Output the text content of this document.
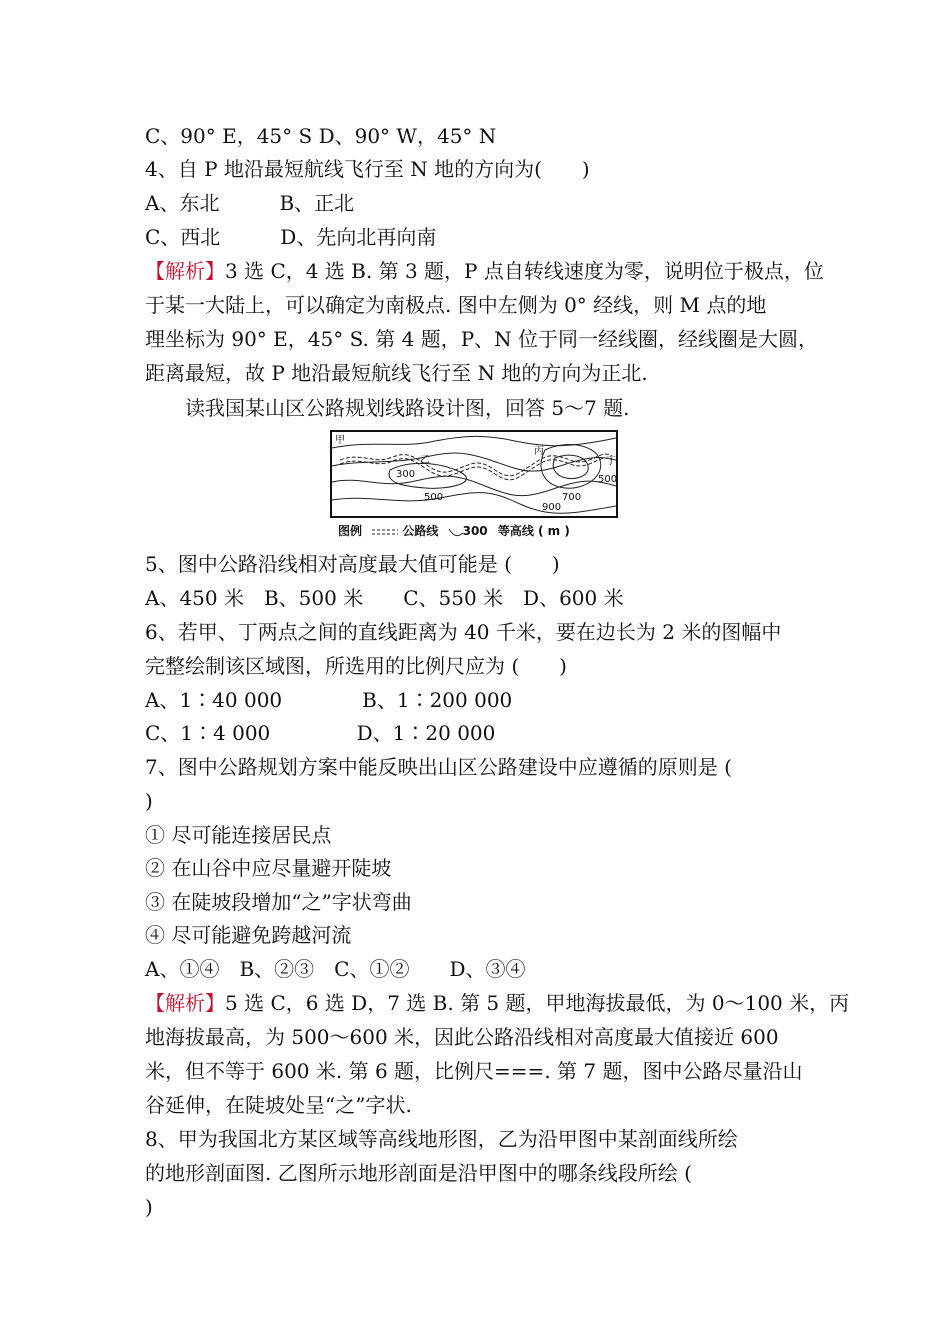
C、90° E，45° S D、90° W，45° N
4、自 P 地沿最短航线飞行至 N 地的方向为(　　)
A、东北　　　B、正北
C、西北　　　D、先向北再向南
【解析】3 选 C，4 选 B. 第 3 题，P 点自转线速度为零，说明位于极点，位
于某一大陆上，可以确定为南极点. 图中左侧为 0° 经线，则 M 点的地
理坐标为 90° E，45° S. 第 4 题，P、N 位于同一经线圈，经线圈是大圆，
距离最短，故 P 地沿最短航线飞行至 N 地的方向为正北.
读我国某山区公路规划线路设计图，回答 5～7 题.
甲
乙
丙
丁
300
500	700
900
500
图例	公路线 300 等高线 ( m )
5、图中公路沿线相对高度最大值可能是 (　　)
A、450 米　B、500 米　　C、550 米　D、600 米
6、若甲、丁两点之间的直线距离为 40 千米，要在边长为 2 米的图幅中
完整绘制该区域图，所选用的比例尺应为 (　　)
A、1∶40 000　　　　B、1∶200 000
C、1∶4 000　　　　 D、1∶20 000
7、图中公路规划方案中能反映出山区公路建设中应遵循的原则是 (
)
① 尽可能连接居民点
② 在山谷中应尽量避开陡坡
③ 在陡坡段增加“之”字状弯曲
④ 尽可能避免跨越河流
A、①④　B、②③　C、①②　　D、③④
【解析】5 选 C，6 选 D，7 选 B. 第 5 题，甲地海拔最低，为 0～100 米，丙
地海拔最高，为 500～600 米，因此公路沿线相对高度最大值接近 600
米，但不等于 600 米. 第 6 题，比例尺===. 第 7 题，图中公路尽量沿山
谷延伸，在陡坡处呈“之”字状.
8、甲为我国北方某区域等高线地形图，乙为沿甲图中某剖面线所绘
的地形剖面图. 乙图所示地形剖面是沿甲图中的哪条线段所绘 (
)
